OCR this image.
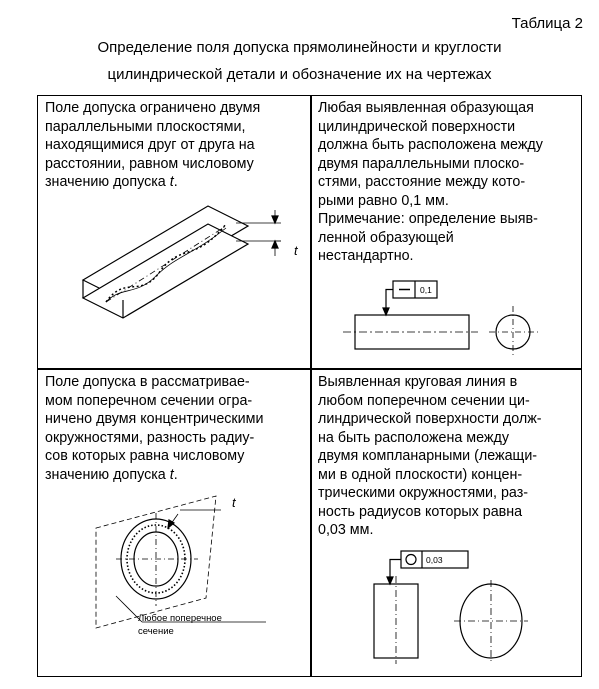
Таблица 2
Определение поля допуска прямолинейности и круглости
цилиндрической детали и обозначение их на чертежах
Поле допуска ограничено двумя
параллельными плоскостями,
находящимися друг от друга на
расстоянии, равном числовому
значению допуска t.
Любая выявленная образующая
цилиндрической поверхности
должна быть расположена между
двумя параллельными плоско-
стями, расстояние между кото-
рыми равно 0,1 мм.
Примечание: определение выяв-
ленной образующей
нестандартно.
Поле допуска в рассматривае-
мом поперечном сечении огра-
ничено двумя концентрическими
окружностями, разность радиу-
сов которых равна числовому
значению допуска t.
Выявленная круговая линия в
любом поперечном сечении ци-
линдрической поверхности долж-
на быть расположена между
двумя компланарными (лежащи-
ми в одной плоскости) концен-
трическими окружностями, раз-
ность радиусов которых равна
0,03 мм.
t
0,1
t
Любое поперечное
сечение
0,03
